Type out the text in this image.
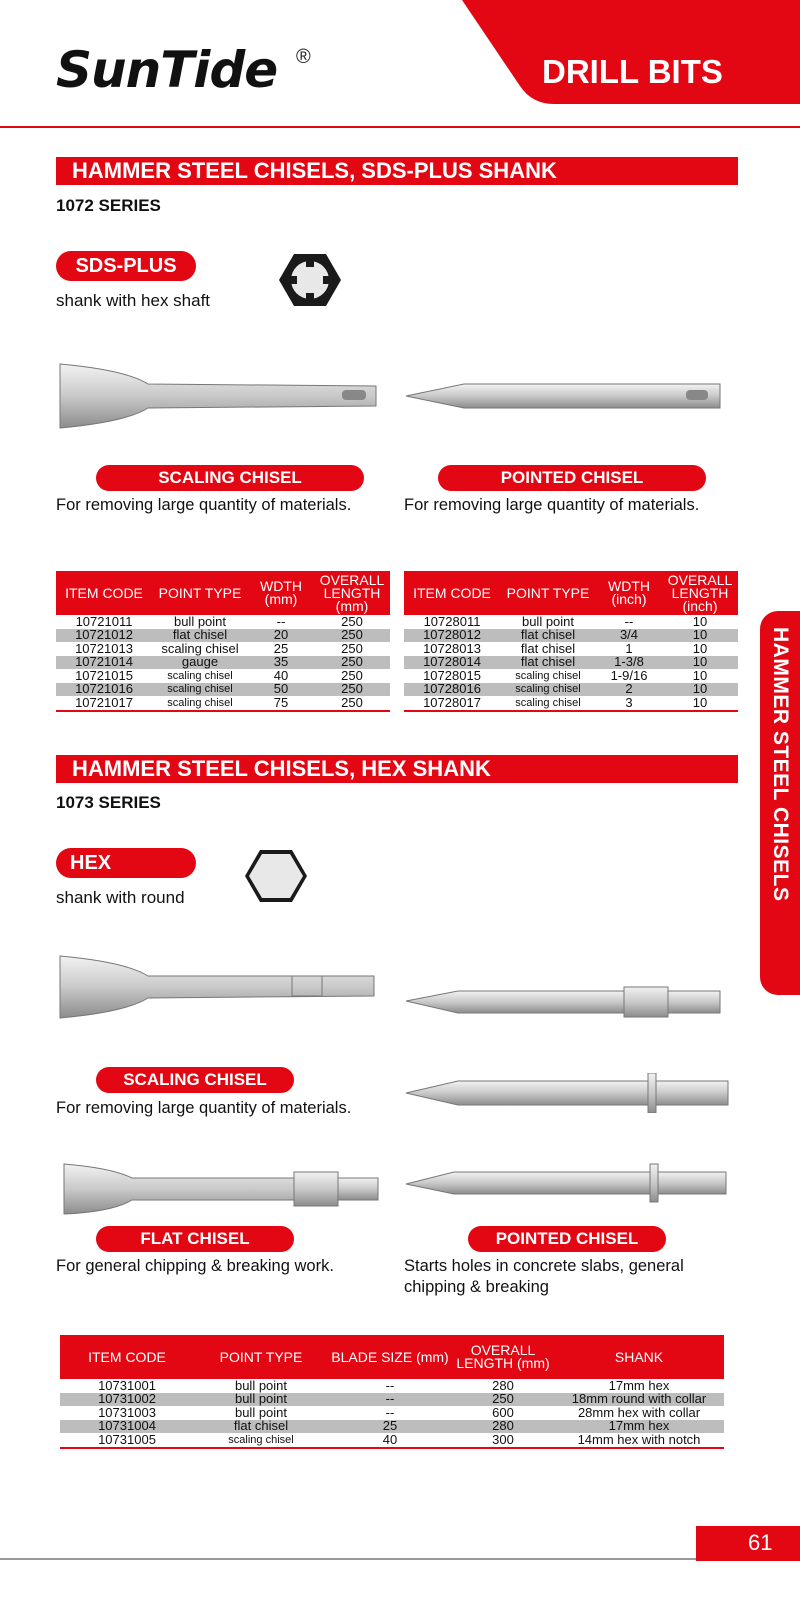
SunTide ®	DRILL BITS
HAMMER STEEL CHISELS, SDS-PLUS SHANK
1072 SERIES
SDS-PLUS
shank with hex shaft
SCALING CHISEL
For removing large quantity of materials.
POINTED CHISEL
For removing large quantity of materials.
ITEM CODE	POINT TYPE	WDTH (mm)	OVERALL LENGTH (mm)
10721011	bull point	--	250
10721012	flat chisel	20	250
10721013	scaling chisel	25	250
10721014	gauge	35	250
10721015	scaling chisel	40	250
10721016	scaling chisel	50	250
10721017	scaling chisel	75	250
ITEM CODE	POINT TYPE	WDTH (inch)	OVERALL LENGTH (inch)
10728011	bull point	--	10
10728012	flat chisel	3/4	10
10728013	flat chisel	1	10
10728014	flat chisel	1-3/8	10
10728015	scaling chisel	1-9/16	10
10728016	scaling chisel	2	10
10728017	scaling chisel	3	10
HAMMER STEEL CHISELS, HEX SHANK
1073 SERIES
HEX
shank with round
SCALING CHISEL
For removing large quantity of materials.
FLAT CHISEL
For general chipping & breaking work.
POINTED CHISEL
Starts holes in concrete slabs, general
chipping & breaking
ITEM CODE	POINT TYPE	BLADE SIZE (mm)	OVERALL LENGTH (mm)	SHANK
10731001	bull point	--	280	17mm hex
10731002	bull point	--	250	18mm round with collar
10731003	bull point	--	600	28mm hex with collar
10731004	flat chisel	25	280	17mm hex
10731005	scaling chisel	40	300	14mm hex with notch
HAMMER STEEL CHISELS
61
